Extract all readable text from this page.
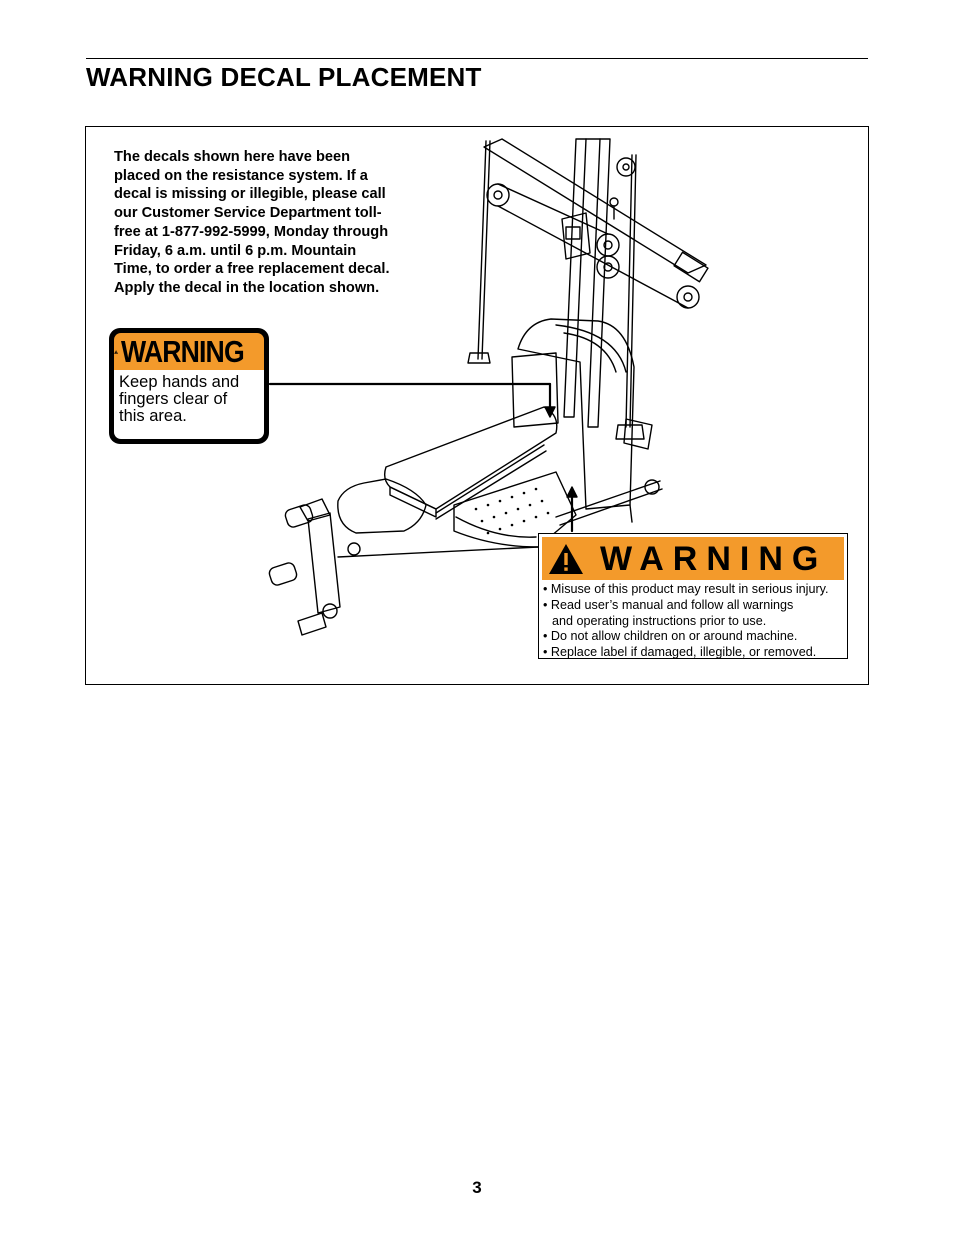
WARNING DECAL PLACEMENT

The decals shown here have been
placed on the resistance system. If a
decal is missing or illegible, please call
our Customer Service Department toll-
free at 1-877-992-5999, Monday through
Friday, 6 a.m. until 6 p.m. Mountain
Time, to order a free replacement decal.
Apply the decal in the location shown.

WARNING
Keep hands and
fingers clear of
this area.
WARNING
• Misuse of this product may result in serious injury.
• Read user’s manual and follow all warnings
and operating instructions prior to use.
• Do not allow children on or around machine.
• Replace label if damaged, illegible, or removed.
3
